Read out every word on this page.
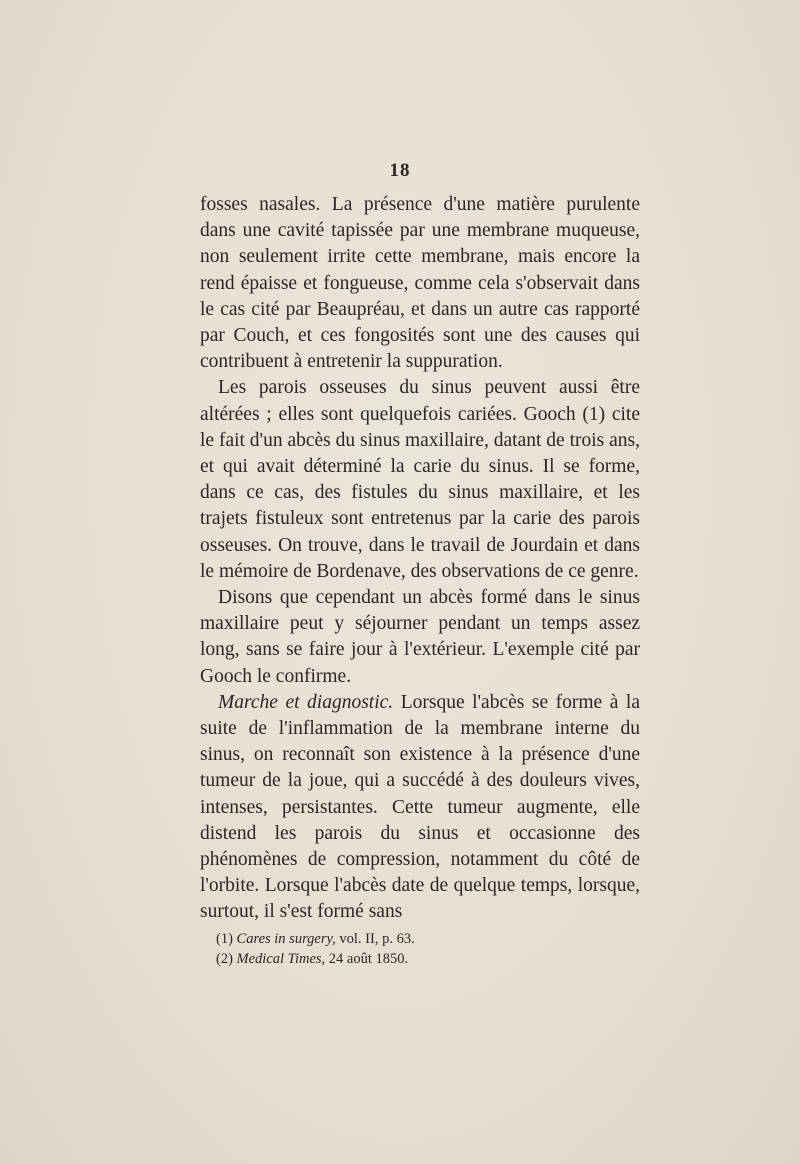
18

fosses nasales. La présence d'une matière purulente dans une cavité tapissée par une membrane muqueuse, non seulement irrite cette membrane, mais encore la rend épaisse et fongueuse, comme cela s'observait dans le cas cité par Beaupréau, et dans un autre cas rapporté par Couch, et ces fongosités sont une des causes qui contribuent à entretenir la suppuration.

Les parois osseuses du sinus peuvent aussi être altérées ; elles sont quelquefois cariées. Gooch (1) cite le fait d'un abcès du sinus maxillaire, datant de trois ans, et qui avait déterminé la carie du sinus. Il se forme, dans ce cas, des fistules du sinus maxillaire, et les trajets fistuleux sont entretenus par la carie des parois osseuses. On trouve, dans le travail de Jourdain et dans le mémoire de Bordenave, des observations de ce genre.

Disons que cependant un abcès formé dans le sinus maxillaire peut y séjourner pendant un temps assez long, sans se faire jour à l'extérieur. L'exemple cité par Gooch le confirme.

Marche et diagnostic. Lorsque l'abcès se forme à la suite de l'inflammation de la membrane interne du sinus, on reconnaît son existence à la présence d'une tumeur de la joue, qui a succédé à des douleurs vives, intenses, persistantes. Cette tumeur augmente, elle distend les parois du sinus et occasionne des phénomènes de compression, notamment du côté de l'orbite. Lorsque l'abcès date de quelque temps, lorsque, surtout, il s'est formé sans

(1) Cares in surgery, vol. II, p. 63.
(2) Medical Times, 24 août 1850.
